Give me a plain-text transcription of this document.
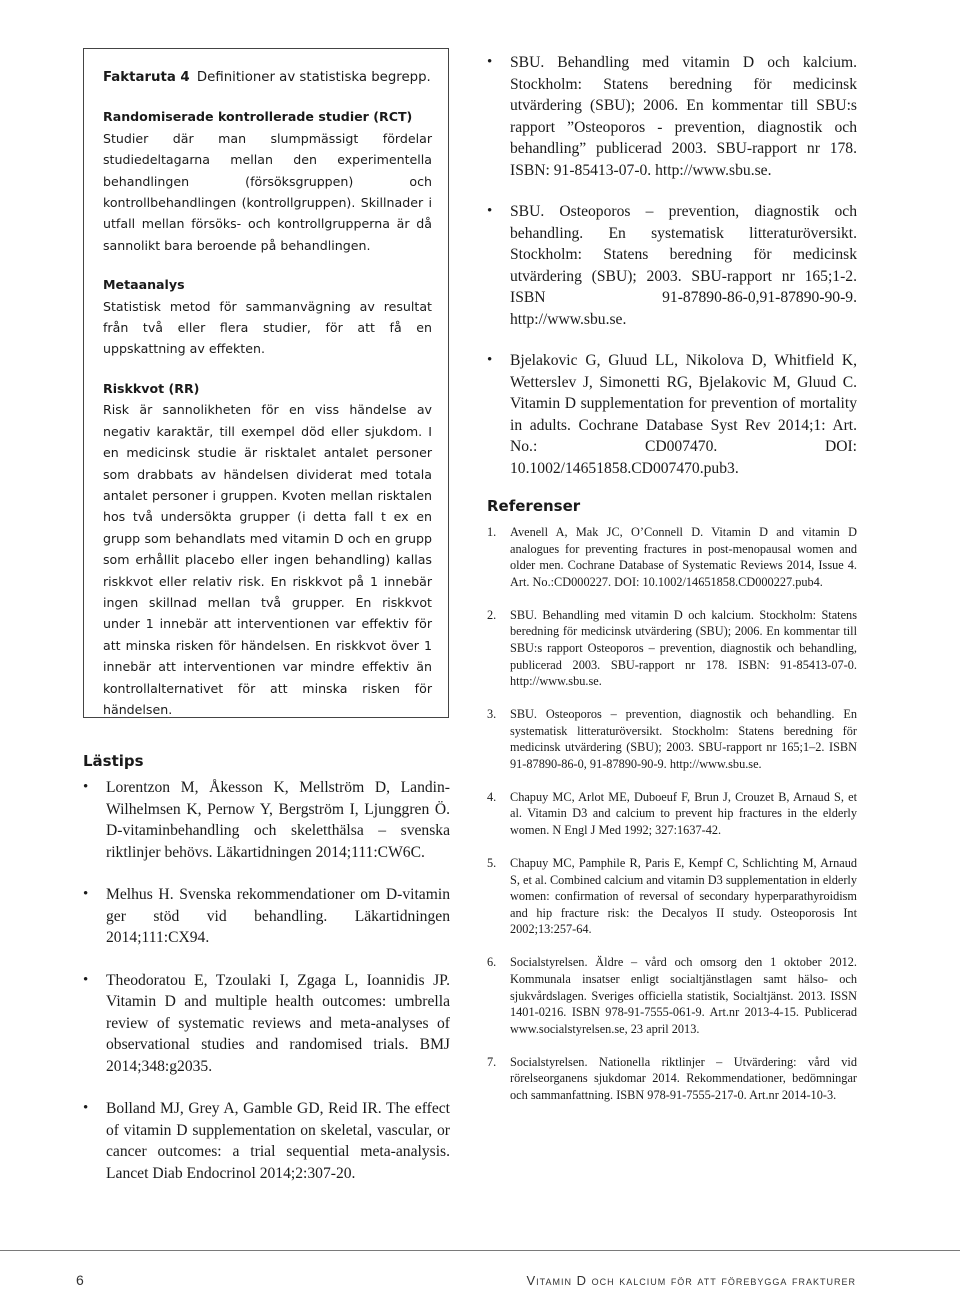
Faktaruta 4 Definitioner av statistiska begrepp.

Randomiserade kontrollerade studier (RCT)
Studier där man slumpmässigt fördelar studiedeltagarna mellan den experimentella behandlingen (försöksgruppen) och kontrollbehandlingen (kontrollgruppen). Skillnader i utfall mellan försöks- och kontrollgrupperna är då sannolikt bara beroende på behandlingen.
Metaanalys
Statistisk metod för sammanvägning av resultat från två eller flera studier, för att få en uppskattning av effekten.
Riskkvot (RR)
Risk är sannolikheten för en viss händelse av negativ karaktär, till exempel död eller sjukdom. I en medicinsk studie är risktalet antalet personer som drabbats av händelsen dividerat med totala antalet personer i gruppen. Kvoten mellan risktalen hos två undersökta grupper (i detta fall t ex en grupp som behandlats med vitamin D och en grupp som erhållit placebo eller ingen behandling) kallas riskkvot eller relativ risk. En riskkvot på 1 innebär ingen skillnad mellan två grupper. En riskkvot under 1 innebär att interventionen var effektiv för att minska risken för händelsen. En riskkvot över 1 innebär att interventionen var mindre effektiv än kontrollalternativet för att minska risken för händelsen.
Lästips
• Lorentzon M, Åkesson K, Mellström D, Landin-Wilhelmsen K, Pernow Y, Bergström I, Ljunggren Ö. D-vitaminbehandling och skeletthälsa – svenska riktlinjer behövs. Läkartidningen 2014;111:CW6C.
• Melhus H. Svenska rekommendationer om D-vitamin ger stöd vid behandling. Läkartidningen 2014;111:CX94.
• Theodoratou E, Tzoulaki I, Zgaga L, Ioannidis JP. Vitamin D and multiple health outcomes: umbrella review of systematic reviews and meta-analyses of observational studies and randomised trials. BMJ 2014;348:g2035.
• Bolland MJ, Grey A, Gamble GD, Reid IR. The effect of vitamin D supplementation on skeletal, vascular, or cancer outcomes: a trial sequential meta-analysis. Lancet Diab Endocrinol 2014;2:307-20.
• SBU. Behandling med vitamin D och kalcium. Stockholm: Statens beredning för medicinsk utvärdering (SBU); 2006. En kommentar till SBU:s rapport ”Osteoporos - prevention, diagnostik och behandling” publicerad 2003. SBU-rapport nr 178. ISBN: 91-85413-07-0. http://www.sbu.se.
• SBU. Osteoporos – prevention, diagnostik och behandling. En systematisk litteraturöversikt. Stockholm: Statens beredning för medicinsk utvärdering (SBU); 2003. SBU-rapport nr 165;1-2. ISBN 91-87890-86-0,91-87890-90-9. http://www.sbu.se.
• Bjelakovic G, Gluud LL, Nikolova D, Whitfield K, Wetterslev J, Simonetti RG, Bjelakovic M, Gluud C. Vitamin D supplementation for prevention of mortality in adults. Cochrane Database Syst Rev 2014;1: Art. No.: CD007470. DOI: 10.1002/14651858.CD007470.pub3.
Referenser
1. Avenell A, Mak JC, O’Connell D. Vitamin D and vitamin D analogues for preventing fractures in post-menopausal women and older men. Cochrane Database of Systematic Reviews 2014, Issue 4. Art. No.:CD000227. DOI: 10.1002/14651858.CD000227.pub4.
2. SBU. Behandling med vitamin D och kalcium. Stockholm: Statens beredning för medicinsk utvärdering (SBU); 2006. En kommentar till SBU:s rapport Osteoporos – prevention, diagnostik och behandling, publicerad 2003. SBU-rapport nr 178. ISBN: 91-85413-07-0. http://www.sbu.se.
3. SBU. Osteoporos – prevention, diagnostik och behandling. En systematisk litteraturöversikt. Stockholm: Statens beredning för medicinsk utvärdering (SBU); 2003. SBU-rapport nr 165;1–2. ISBN 91-87890-86-0, 91-87890-90-9. http://www.sbu.se.
4. Chapuy MC, Arlot ME, Duboeuf F, Brun J, Crouzet B, Arnaud S, et al. Vitamin D3 and calcium to prevent hip fractures in the elderly women. N Engl J Med 1992; 327:1637-42.
5. Chapuy MC, Pamphile R, Paris E, Kempf C, Schlichting M, Arnaud S, et al. Combined calcium and vitamin D3 supplementation in elderly women: confirmation of reversal of secondary hyperparathyroidism and hip fracture risk: the Decalyos II study. Osteoporosis Int 2002;13:257-64.
6. Socialstyrelsen. Äldre – vård och omsorg den 1 oktober 2012. Kommunala insatser enligt socialtjänstlagen samt hälso- och sjukvårdslagen. Sveriges officiella statistik, Socialtjänst. 2013. ISSN 1401-0216. ISBN 978-91-7555-061-9. Art.nr 2013-4-15. Publicerad www.socialstyrelsen.se, 23 april 2013.
7. Socialstyrelsen. Nationella riktlinjer – Utvärdering: vård vid rörelseorganens sjukdomar 2014. Rekommendationer, bedömningar och sammanfattning. ISBN 978-91-7555-217-0. Art.nr 2014-10-3.
6	Vitamin D och kalcium för att förebygga frakturer
